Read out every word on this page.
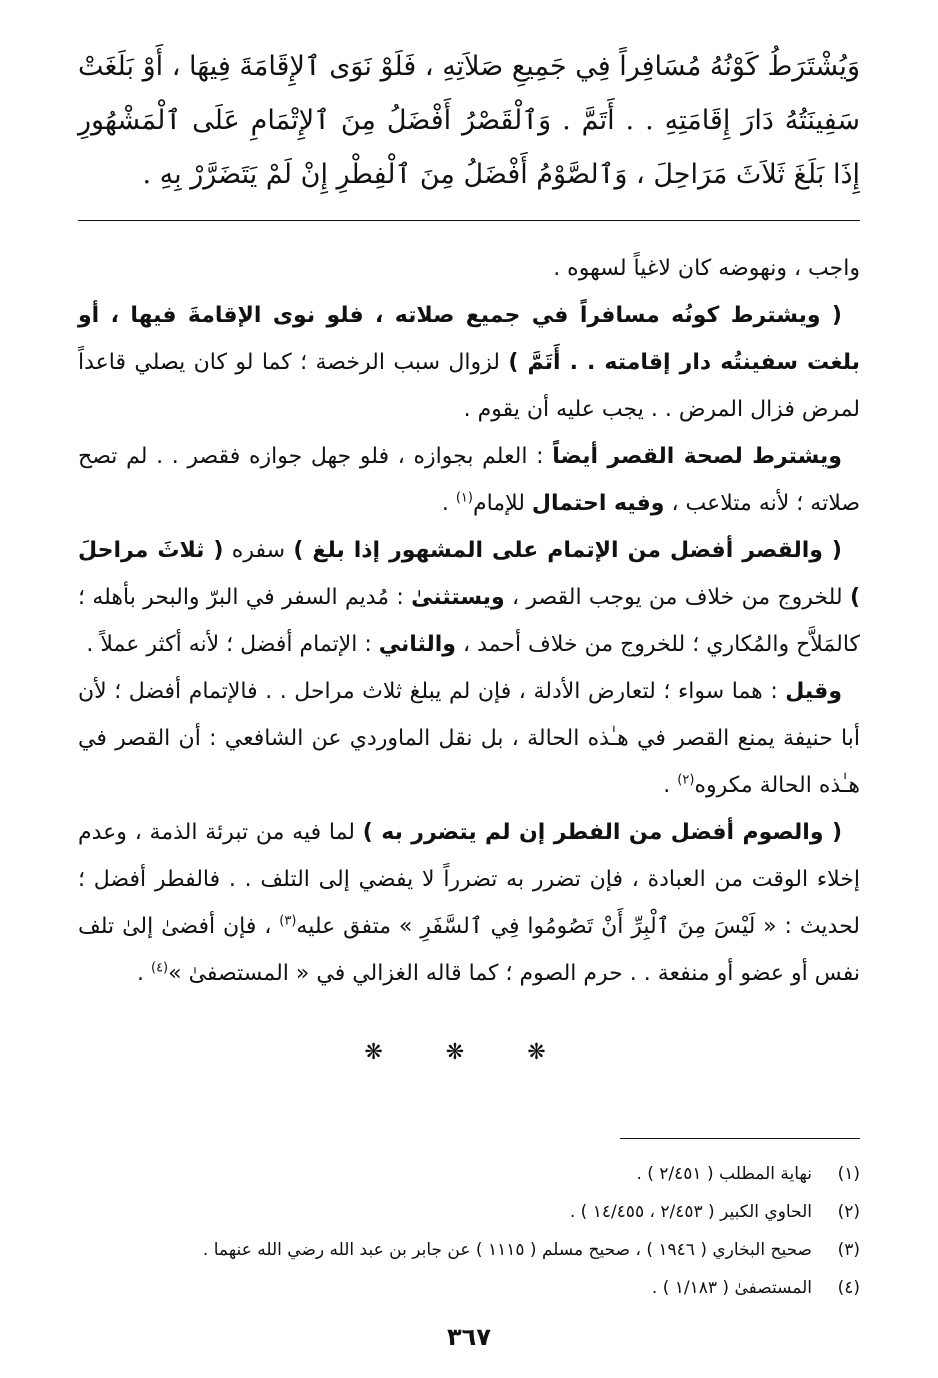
وَيُشْتَرَطُ كَوْنُهُ مُسَافِراً فِي جَمِيعِ صَلاَتِهِ ، فَلَوْ نَوَى ٱلإِقَامَةَ فِيهَا ، أَوْ بَلَغَتْ سَفِينَتُهُ دَارَ إِقَامَتِهِ . . أَتَمَّ . وَٱلْقَصْرُ أَفْضَلُ مِنَ ٱلإِتْمَامِ عَلَى ٱلْمَشْهُورِ إِذَا بَلَغَ ثَلاَثَ مَرَاحِلَ ، وَٱلصَّوْمُ أَفْضَلُ مِنَ ٱلْفِطْرِ إِنْ لَمْ يَتَضَرَّرْ بِهِ .

واجب ، ونهوضه كان لاغياً لسهوه .

( ويشترط كونُه مسافراً في جميع صلاته ، فلو نوى الإقامةَ فيها ، أو بلغت سفينتُه دار إقامته . . أَتَمَّ ) لزوال سبب الرخصة ؛ كما لو كان يصلي قاعداً لمرض فزال المرض . . يجب عليه أن يقوم .

ويشترط لصحة القصر أيضاً : العلم بجوازه ، فلو جهل جوازه فقصر . . لم تصح صلاته ؛ لأنه متلاعب ، وفيه احتمال للإمام$^{(١)}$ .

( والقصر أفضل من الإتمام على المشهور إذا بلغ ) سفره ( ثلاثَ مراحلَ ) للخروج من خلاف من يوجب القصر ، ويستثنىٰ : مُديم السفر في البرّ والبحر بأهله ؛ كالمَلاَّح والمُكاري ؛ للخروج من خلاف أحمد ، والثاني : الإتمام أفضل ؛ لأنه أكثر عملاً .

وقيل : هما سواء ؛ لتعارض الأدلة ، فإن لم يبلغ ثلاث مراحل . . فالإتمام أفضل ؛ لأن أبا حنيفة يمنع القصر في هـٰذه الحالة ، بل نقل الماوردي عن الشافعي : أن القصر في هـٰذه الحالة مكروه$^{(٢)}$ .

( والصوم أفضل من الفطر إن لم يتضرر به ) لما فيه من تبرئة الذمة ، وعدم إخلاء الوقت من العبادة ، فإن تضرر به تضرراً لا يفضي إلى التلف . . فالفطر أفضل ؛ لحديث : « لَيْسَ مِنَ ٱلْبِرِّ أَنْ تَصُومُوا فِي ٱلسَّفَرِ » متفق عليه$^{(٣)}$ ، فإن أفضىٰ إلىٰ تلف نفس أو عضو أو منفعة . . حرم الصوم ؛ كما قاله الغزالي في « المستصفىٰ »$^{(٤)}$ .

❋ ❋ ❋
(١)
نهاية المطلب ( ٢/٤٥١ ) .
(٢)
الحاوي الكبير ( ٢/٤٥٣ ، ١٤/٤٥٥ ) .
(٣)
صحيح البخاري ( ١٩٤٦ ) ، صحيح مسلم ( ١١١٥ ) عن جابر بن عبد الله رضي الله عنهما .
(٤)
المستصفىٰ ( ١/١٨٣ ) .
٣٦٧
